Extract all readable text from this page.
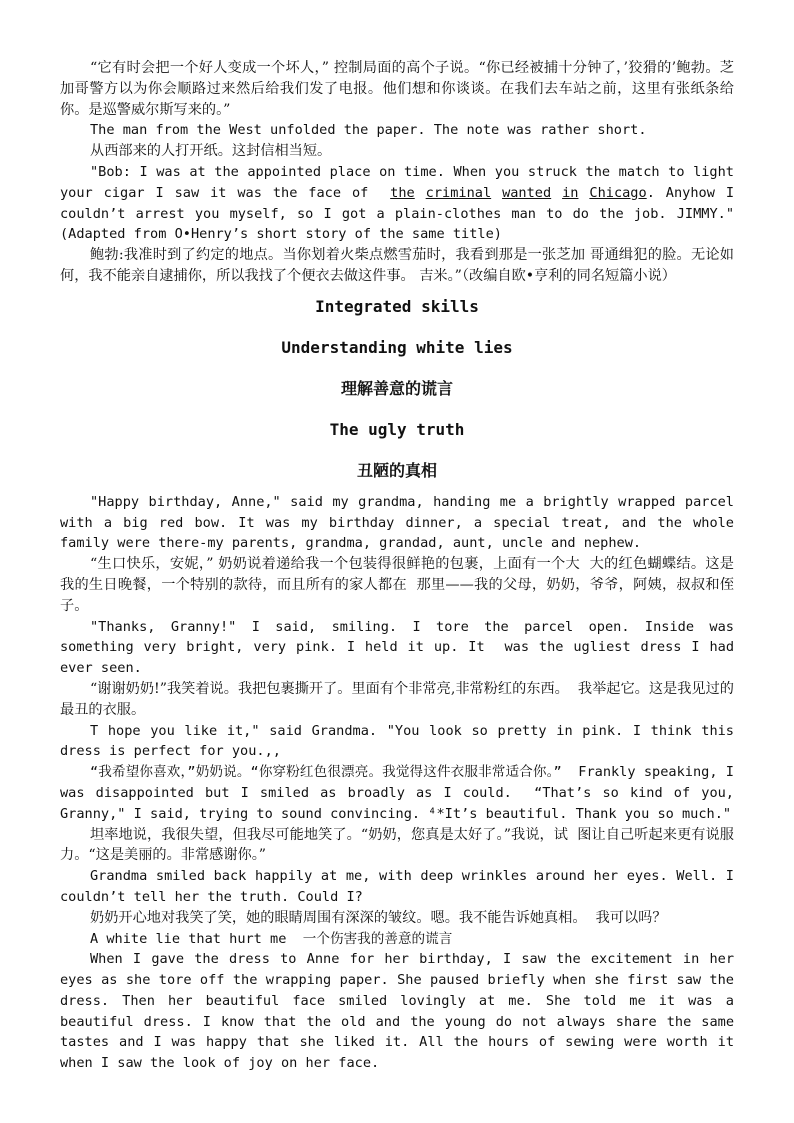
“它有时会把一个好人变成一个坏人，” 控制局面的高个子说。“你已经被捕十分钟了，’狡猾的’鲍勃。芝加哥警方以为你会顺路过来然后给我们发了电报。他们想和你谈谈。在我们去车站之前，这里有张纸条给你。是巡警威尔斯写来的。”

The man from the West unfolded the paper. The note was rather short.

从西部来的人打开纸。这封信相当短。

"Bob: I was at the appointed place on time. When you struck the match to light your cigar I saw it was the face of  the criminal wanted in Chicago. Anyhow I couldn’t arrest you myself, so I got a plain-clothes man to do the job. JIMMY." (Adapted from O•Henry’s short story of the same title)

鲍勃:我准时到了约定的地点。当你划着火柴点燃雪茄时，我看到那是一张芝加 哥通缉犯的脸。无论如何，我不能亲自逮捕你，所以我找了个便衣去做这件事。 吉米。”（改编自欧•亨利的同名短篇小说）

Integrated skills

Understanding white lies

理解善意的谎言

The ugly truth

丑陋的真相

"Happy birthday, Anne," said my grandma, handing me a brightly wrapped parcel with a big red bow. It was my birthday dinner, a special treat, and the whole family were there-my parents, grandma, grandad, aunt, uncle and nephew.

“生口快乐，安妮，” 奶奶说着递给我一个包装得很鲜艳的包裹，上面有一个大  大的红色蝴蝶结。这是我的生日晚餐，一个特别的款待，而且所有的家人都在  那里——我的父母，奶奶，爷爷，阿姨，叔叔和侄子。

"Thanks, Granny!" I said, smiling. I tore the parcel open. Inside was something very bright, very pink. I held it up. It  was the ugliest dress I had ever seen.

“谢谢奶奶!”我笑着说。我把包裹撕开了。里面有个非常亮,非常粉红的东西。  我举起它。这是我见过的最丑的衣服。

T hope you like it," said Grandma. "You look so pretty in pink. I think this dress is perfect for you.,,

“我希望你喜欢，”奶奶说。“你穿粉红色很漂亮。我觉得这件衣服非常适合你。”  Frankly speaking, I was disappointed but I smiled as broadly as I could.  “That’s so kind of you, Granny," I said, trying to sound convincing. ⁴*It’s beautiful. Thank you so much."

坦率地说，我很失望，但我尽可能地笑了。“奶奶，您真是太好了。”我说，试  图让自己听起来更有说服力。“这是美丽的。非常感谢你。”

Grandma smiled back happily at me, with deep wrinkles around her eyes. Well. I couldn’t tell her the truth. Could I?

奶奶开心地对我笑了笑，她的眼睛周围有深深的皱纹。嗯。我不能告诉她真相。  我可以吗？

A white lie that hurt me  一个伤害我的善意的谎言

When I gave the dress to Anne for her birthday, I saw the excitement in her eyes as she tore off the wrapping paper. She paused briefly when she first saw the dress. Then her beautiful face smiled lovingly at me. She told me it was a beautiful dress. I know that the old and the young do not always share the same tastes and I was happy that she liked it. All the hours of sewing were worth it when I saw the look of joy on her face.
